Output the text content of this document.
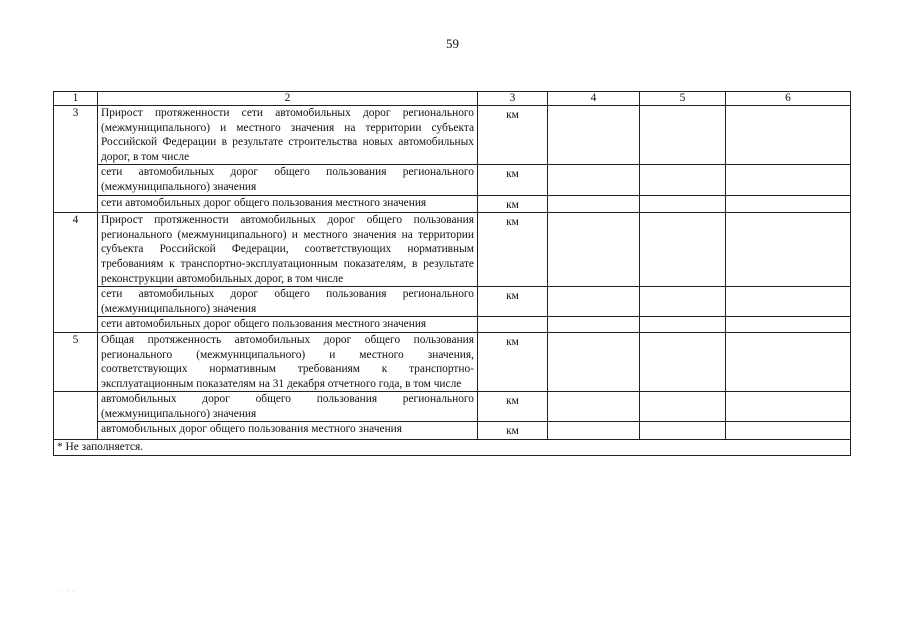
59
1	2	3	4	5	6
3	Прирост протяженности сети автомобильных дорог регионального (межмуниципального) и местного значения на территории субъекта Российской Федерации в результате строительства новых автомобильных дорог, в том числе	км			
	сети автомобильных дорог общего пользования регионального (межмуниципального) значения	км			
	сети автомобильных дорог общего пользования местного значения	км			
4	Прирост протяженности автомобильных дорог общего пользования регионального (межмуниципального) и местного значения на территории субъекта Российской Федерации, соответствующих нормативным требованиям к транспортно-эксплуатационным показателям, в результате реконструкции автомобильных дорог, в том числе	км			
	сети автомобильных дорог общего пользования регионального (межмуниципального) значения	км			
	сети автомобильных дорог общего пользования местного значения				
5	Общая протяженность автомобильных дорог общего пользования регионального (межмуниципального) и местного значения, соответствующих нормативным требованиям к транспортно-эксплуатационным показателям на 31 декабря отчетного года, в том числе	км			
	автомобильных дорог общего пользования регионального (межмуниципального) значения	км			
	автомобильных дорог общего пользования местного значения	км			
* Не заполняется.					
· · ·
